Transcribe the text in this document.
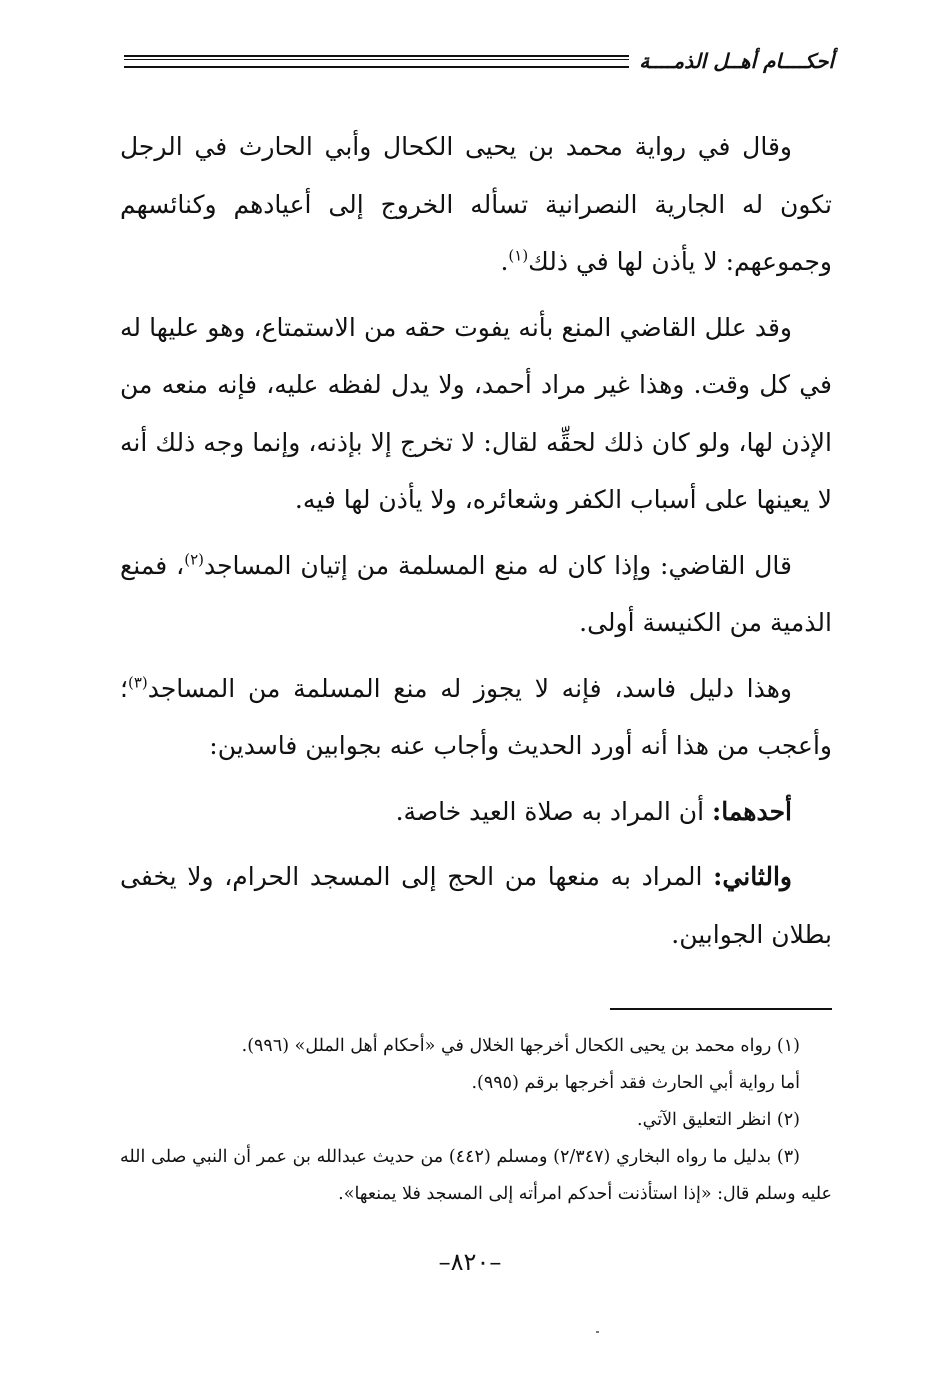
أحكــــام أهــل الذمــــة

وقال في رواية محمد بن يحيى الكحال وأبي الحارث في الرجل تكون له الجارية النصرانية تسأله الخروج إلى أعيادهم وكنائسهم وجموعهم: لا يأذن لها في ذلك$^{(١)}$.

وقد علل القاضي المنع بأنه يفوت حقه من الاستمتاع، وهو عليها له في كل وقت. وهذا غير مراد أحمد، ولا يدل لفظه عليه، فإنه منعه من الإذن لها، ولو كان ذلك لحقِّه لقال: لا تخرج إلا بإذنه، وإنما وجه ذلك أنه لا يعينها على أسباب الكفر وشعائره، ولا يأذن لها فيه.

قال القاضي: وإذا كان له منع المسلمة من إتيان المساجد$^{(٢)}$، فمنع الذمية من الكنيسة أولى.

وهذا دليل فاسد، فإنه لا يجوز له منع المسلمة من المساجد$^{(٣)}$؛ وأعجب من هذا أنه أورد الحديث وأجاب عنه بجوابين فاسدين:

أحدهما: أن المراد به صلاة العيد خاصة.

والثاني: المراد به منعها من الحج إلى المسجد الحرام، ولا يخفى بطلان الجوابين.

(١) رواه محمد بن يحيى الكحال أخرجها الخلال في «أحكام أهل الملل» (٩٩٦).

أما رواية أبي الحارث فقد أخرجها برقم (٩٩٥).

(٢) انظر التعليق الآتي.

(٣) بدليل ما رواه البخاري (٢/٣٤٧) ومسلم (٤٤٢) من حديث عبدالله بن عمر أن النبي صلى الله عليه وسلم قال: «إذا استأذنت أحدكم امرأته إلى المسجد فلا يمنعها».

–٨٢٠–
